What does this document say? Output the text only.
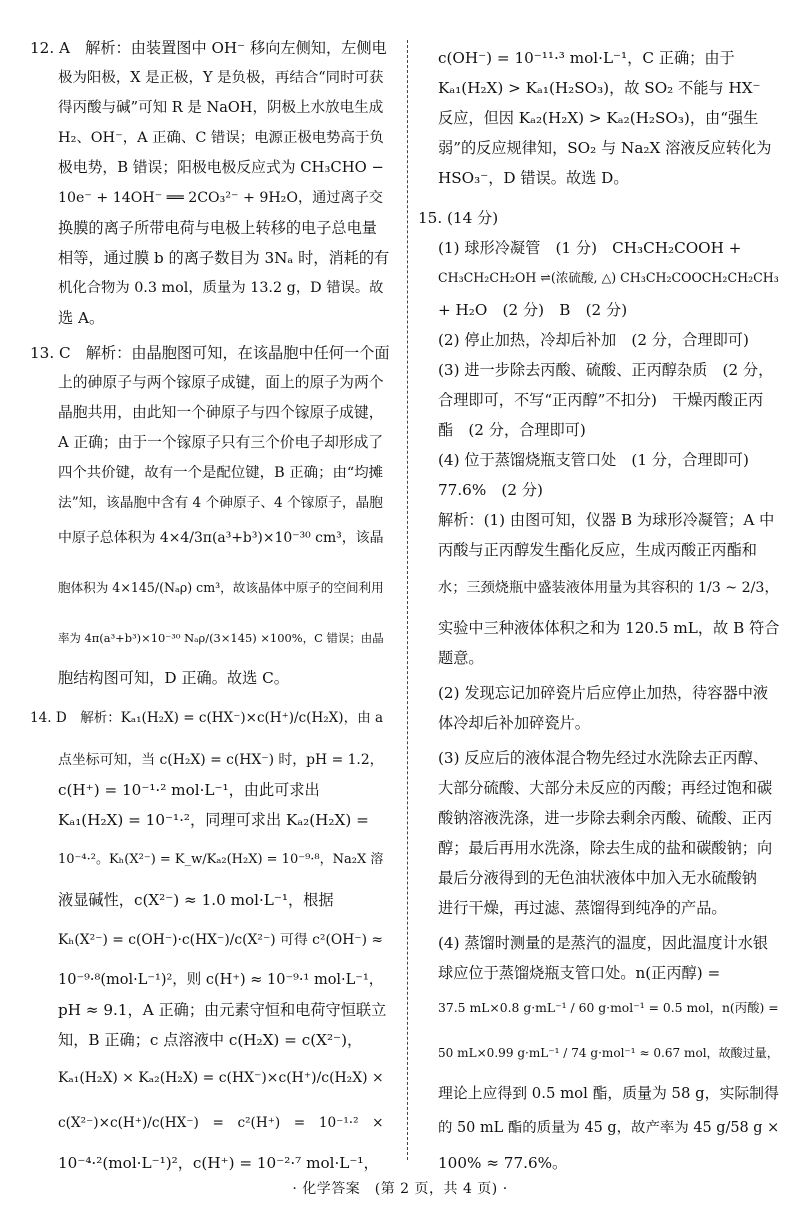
12. A　解析：由装置图中 OH⁻ 移向左侧知，左侧电
极为阳极，X 是正极，Y 是负极，再结合“同时可获
得丙酸与碱”可知 R 是 NaOH，阴极上水放电生成
H₂、OH⁻，A 正确、C 错误；电源正极电势高于负
极电势，B 错误；阳极电极反应式为 CH₃CHO −
10e⁻ + 14OH⁻ ══ 2CO₃²⁻ + 9H₂O，通过离子交
换膜的离子所带电荷与电极上转移的电子总电量
相等，通过膜 b 的离子数目为 3Nₐ 时，消耗的有
机化合物为 0.3 mol，质量为 13.2 g，D 错误。故
选 A。
13. C　解析：由晶胞图可知，在该晶胞中任何一个面
上的砷原子与两个镓原子成键，面上的原子为两个
晶胞共用，由此知一个砷原子与四个镓原子成键，
A 正确；由于一个镓原子只有三个价电子却形成了
四个共价键，故有一个是配位键，B 正确；由“均摊
法”知，该晶胞中含有 4 个砷原子、4 个镓原子，晶胞
中原子总体积为 4×4/3π(a³+b³)×10⁻³⁰ cm³，该晶
胞体积为 4×145/(Nₐρ) cm³，故该晶体中原子的空间利用
率为 4π(a³+b³)×10⁻³⁰ Nₐρ/(3×145) ×100%，C 错误；由晶
胞结构图可知，D 正确。故选 C。
14. D　解析：Kₐ₁(H₂X) = c(HX⁻)×c(H⁺)/c(H₂X)，由 a
点坐标可知，当 c(H₂X) = c(HX⁻) 时，pH = 1.2，
c(H⁺) = 10⁻¹·² mol·L⁻¹，由此可求出
Kₐ₁(H₂X) = 10⁻¹·²，同理可求出 Kₐ₂(H₂X) =
10⁻⁴·²。Kₕ(X²⁻) = K_w/Kₐ₂(H₂X) = 10⁻⁹·⁸，Na₂X 溶
液显碱性，c(X²⁻) ≈ 1.0 mol·L⁻¹，根据
Kₕ(X²⁻) = c(OH⁻)·c(HX⁻)/c(X²⁻) 可得 c²(OH⁻) ≈
10⁻⁹·⁸(mol·L⁻¹)²，则 c(H⁺) ≈ 10⁻⁹·¹ mol·L⁻¹，
pH ≈ 9.1，A 正确；由元素守恒和电荷守恒联立
知，B 正确；c 点溶液中 c(H₂X) = c(X²⁻)，
Kₐ₁(H₂X) × Kₐ₂(H₂X) = c(HX⁻)×c(H⁺)/c(H₂X) ×
c(X²⁻)×c(H⁺)/c(HX⁻)　=　c²(H⁺)　=　10⁻¹·²　×
10⁻⁴·²(mol·L⁻¹)²，c(H⁺) = 10⁻²·⁷ mol·L⁻¹，
c(OH⁻) = 10⁻¹¹·³ mol·L⁻¹，C 正确；由于
Kₐ₁(H₂X) > Kₐ₁(H₂SO₃)，故 SO₂ 不能与 HX⁻
反应，但因 Kₐ₂(H₂X) > Kₐ₂(H₂SO₃)，由“强生
弱”的反应规律知，SO₂ 与 Na₂X 溶液反应转化为
HSO₃⁻，D 错误。故选 D。
15. (14 分)
(1) 球形冷凝管　(1 分)　CH₃CH₂COOH +
CH₃CH₂CH₂OH ⇌(浓硫酸, △) CH₃CH₂COOCH₂CH₂CH₃
+ H₂O　(2 分)　B　(2 分)
(2) 停止加热，冷却后补加　(2 分，合理即可)
(3) 进一步除去丙酸、硫酸、正丙醇杂质　(2 分，
合理即可，不写“正丙醇”不扣分)　干燥丙酸正丙
酯　(2 分，合理即可)
(4) 位于蒸馏烧瓶支管口处　(1 分，合理即可)
77.6%　(2 分)
解析：(1) 由图可知，仪器 B 为球形冷凝管；A 中
丙酸与正丙醇发生酯化反应，生成丙酸正丙酯和
水；三颈烧瓶中盛装液体用量为其容积的 1/3 ~ 2/3，
实验中三种液体体积之和为 120.5 mL，故 B 符合
题意。
(2) 发现忘记加碎瓷片后应停止加热，待容器中液
体冷却后补加碎瓷片。
(3) 反应后的液体混合物先经过水洗除去正丙醇、
大部分硫酸、大部分未反应的丙酸；再经过饱和碳
酸钠溶液洗涤，进一步除去剩余丙酸、硫酸、正丙
醇；最后再用水洗涤，除去生成的盐和碳酸钠；向
最后分液得到的无色油状液体中加入无水硫酸钠
进行干燥，再过滤、蒸馏得到纯净的产品。
(4) 蒸馏时测量的是蒸汽的温度，因此温度计水银
球应位于蒸馏烧瓶支管口处。n(正丙醇) =
37.5 mL×0.8 g·mL⁻¹ / 60 g·mol⁻¹ = 0.5 mol，n(丙酸) =
50 mL×0.99 g·mL⁻¹ / 74 g·mol⁻¹ ≈ 0.67 mol，故酸过量，
理论上应得到 0.5 mol 酯，质量为 58 g，实际制得
的 50 mL 酯的质量为 45 g，故产率为 45 g/58 g ×
100% ≈ 77.6%。
· 化学答案　(第 2 页，共 4 页) ·
